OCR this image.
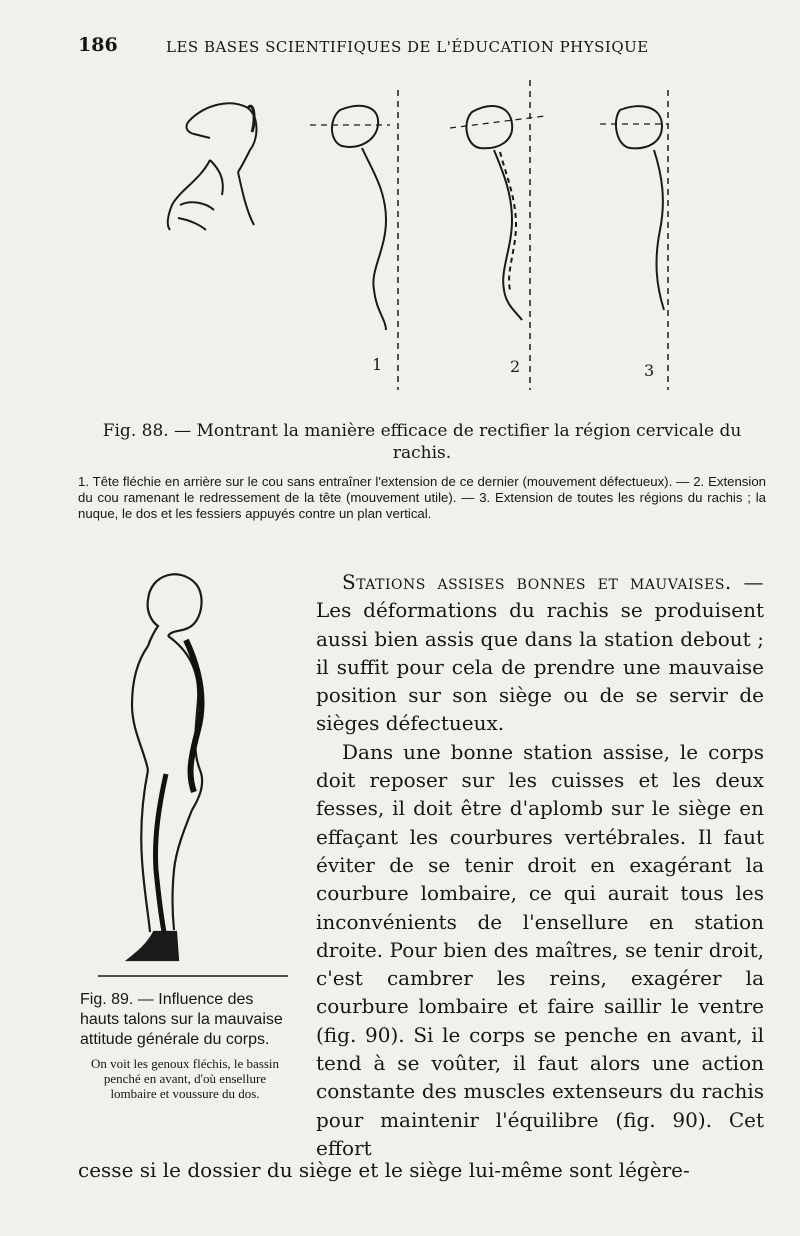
186	LES BASES SCIENTIFIQUES DE L'ÉDUCATION PHYSIQUE
1	2	3

Fig. 88. — Montrant la manière efficace de rectifier la région cervicale du rachis.

1. Tête fléchie en arrière sur le cou sans entraîner l'extension de ce dernier (mouvement défectueux). — 2. Extension du cou ramenant le redressement de la tête (mouvement utile). — 3. Extension de toutes les régions du rachis ; la nuque, le dos et les fessiers appuyés contre un plan vertical.

Fig. 89. — Influence des hauts talons sur la mauvaise attitude générale du corps.

On voit les genoux fléchis, le bassin penché en avant, d'où ensellure lombaire et voussure du dos.

Stations assises bonnes et mauvaises. — Les déformations du rachis se produisent aussi bien assis que dans la station debout ; il suffit pour cela de prendre une mauvaise position sur son siège ou de se servir de sièges défectueux.

Dans une bonne station assise, le corps doit reposer sur les cuisses et les deux fesses, il doit être d'aplomb sur le siège en effaçant les courbures vertébrales. Il faut éviter de se tenir droit en exagérant la courbure lombaire, ce qui aurait tous les inconvénients de l'ensellure en station droite. Pour bien des maîtres, se tenir droit, c'est cambrer les reins, exagérer la courbure lombaire et faire saillir le ventre (fig. 90). Si le corps se penche en avant, il tend à se voûter, il faut alors une action constante des muscles extenseurs du rachis pour maintenir l'équilibre (fig. 90). Cet effort

cesse si le dossier du siège et le siège lui-même sont légère-
